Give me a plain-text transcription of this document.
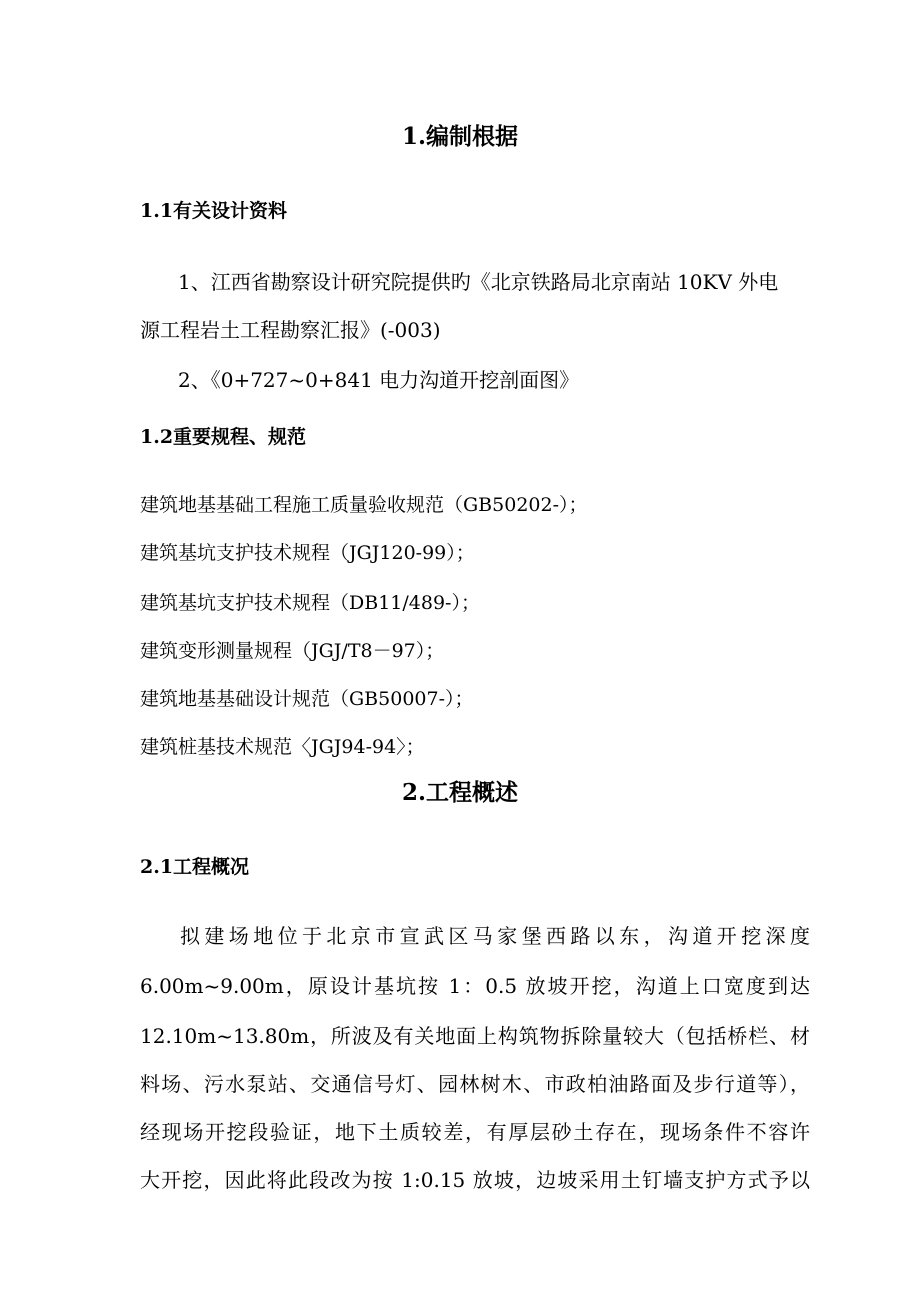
1.编制根据
1.1有关设计资料
1、江西省勘察设计研究院提供旳《北京铁路局北京南站 10KV 外电
源工程岩土工程勘察汇报》(-003)
2、《0+727~0+841 电力沟道开挖剖面图》
1.2重要规程、规范
建筑地基基础工程施工质量验收规范（GB50202-）；
建筑基坑支护技术规程（JGJ120-99）；
建筑基坑支护技术规程（DB11/489-）；
建筑变形测量规程（JGJ/T8－97）；
建筑地基基础设计规范（GB50007-）；
建筑桩基技术规范〈JGJ94-94〉；
2.工程概述
2.1工程概况
拟建场地位于北京市宣武区马家堡西路以东，沟道开挖深度
6.00m~9.00m，原设计基坑按 1：0.5 放坡开挖，沟道上口宽度到达
12.10m~13.80m，所波及有关地面上构筑物拆除量较大（包括桥栏、材
料场、污水泵站、交通信号灯、园林树木、市政柏油路面及步行道等），
经现场开挖段验证，地下土质较差，有厚层砂土存在，现场条件不容许
大开挖，因此将此段改为按 1:0.15 放坡，边坡采用土钉墙支护方式予以
